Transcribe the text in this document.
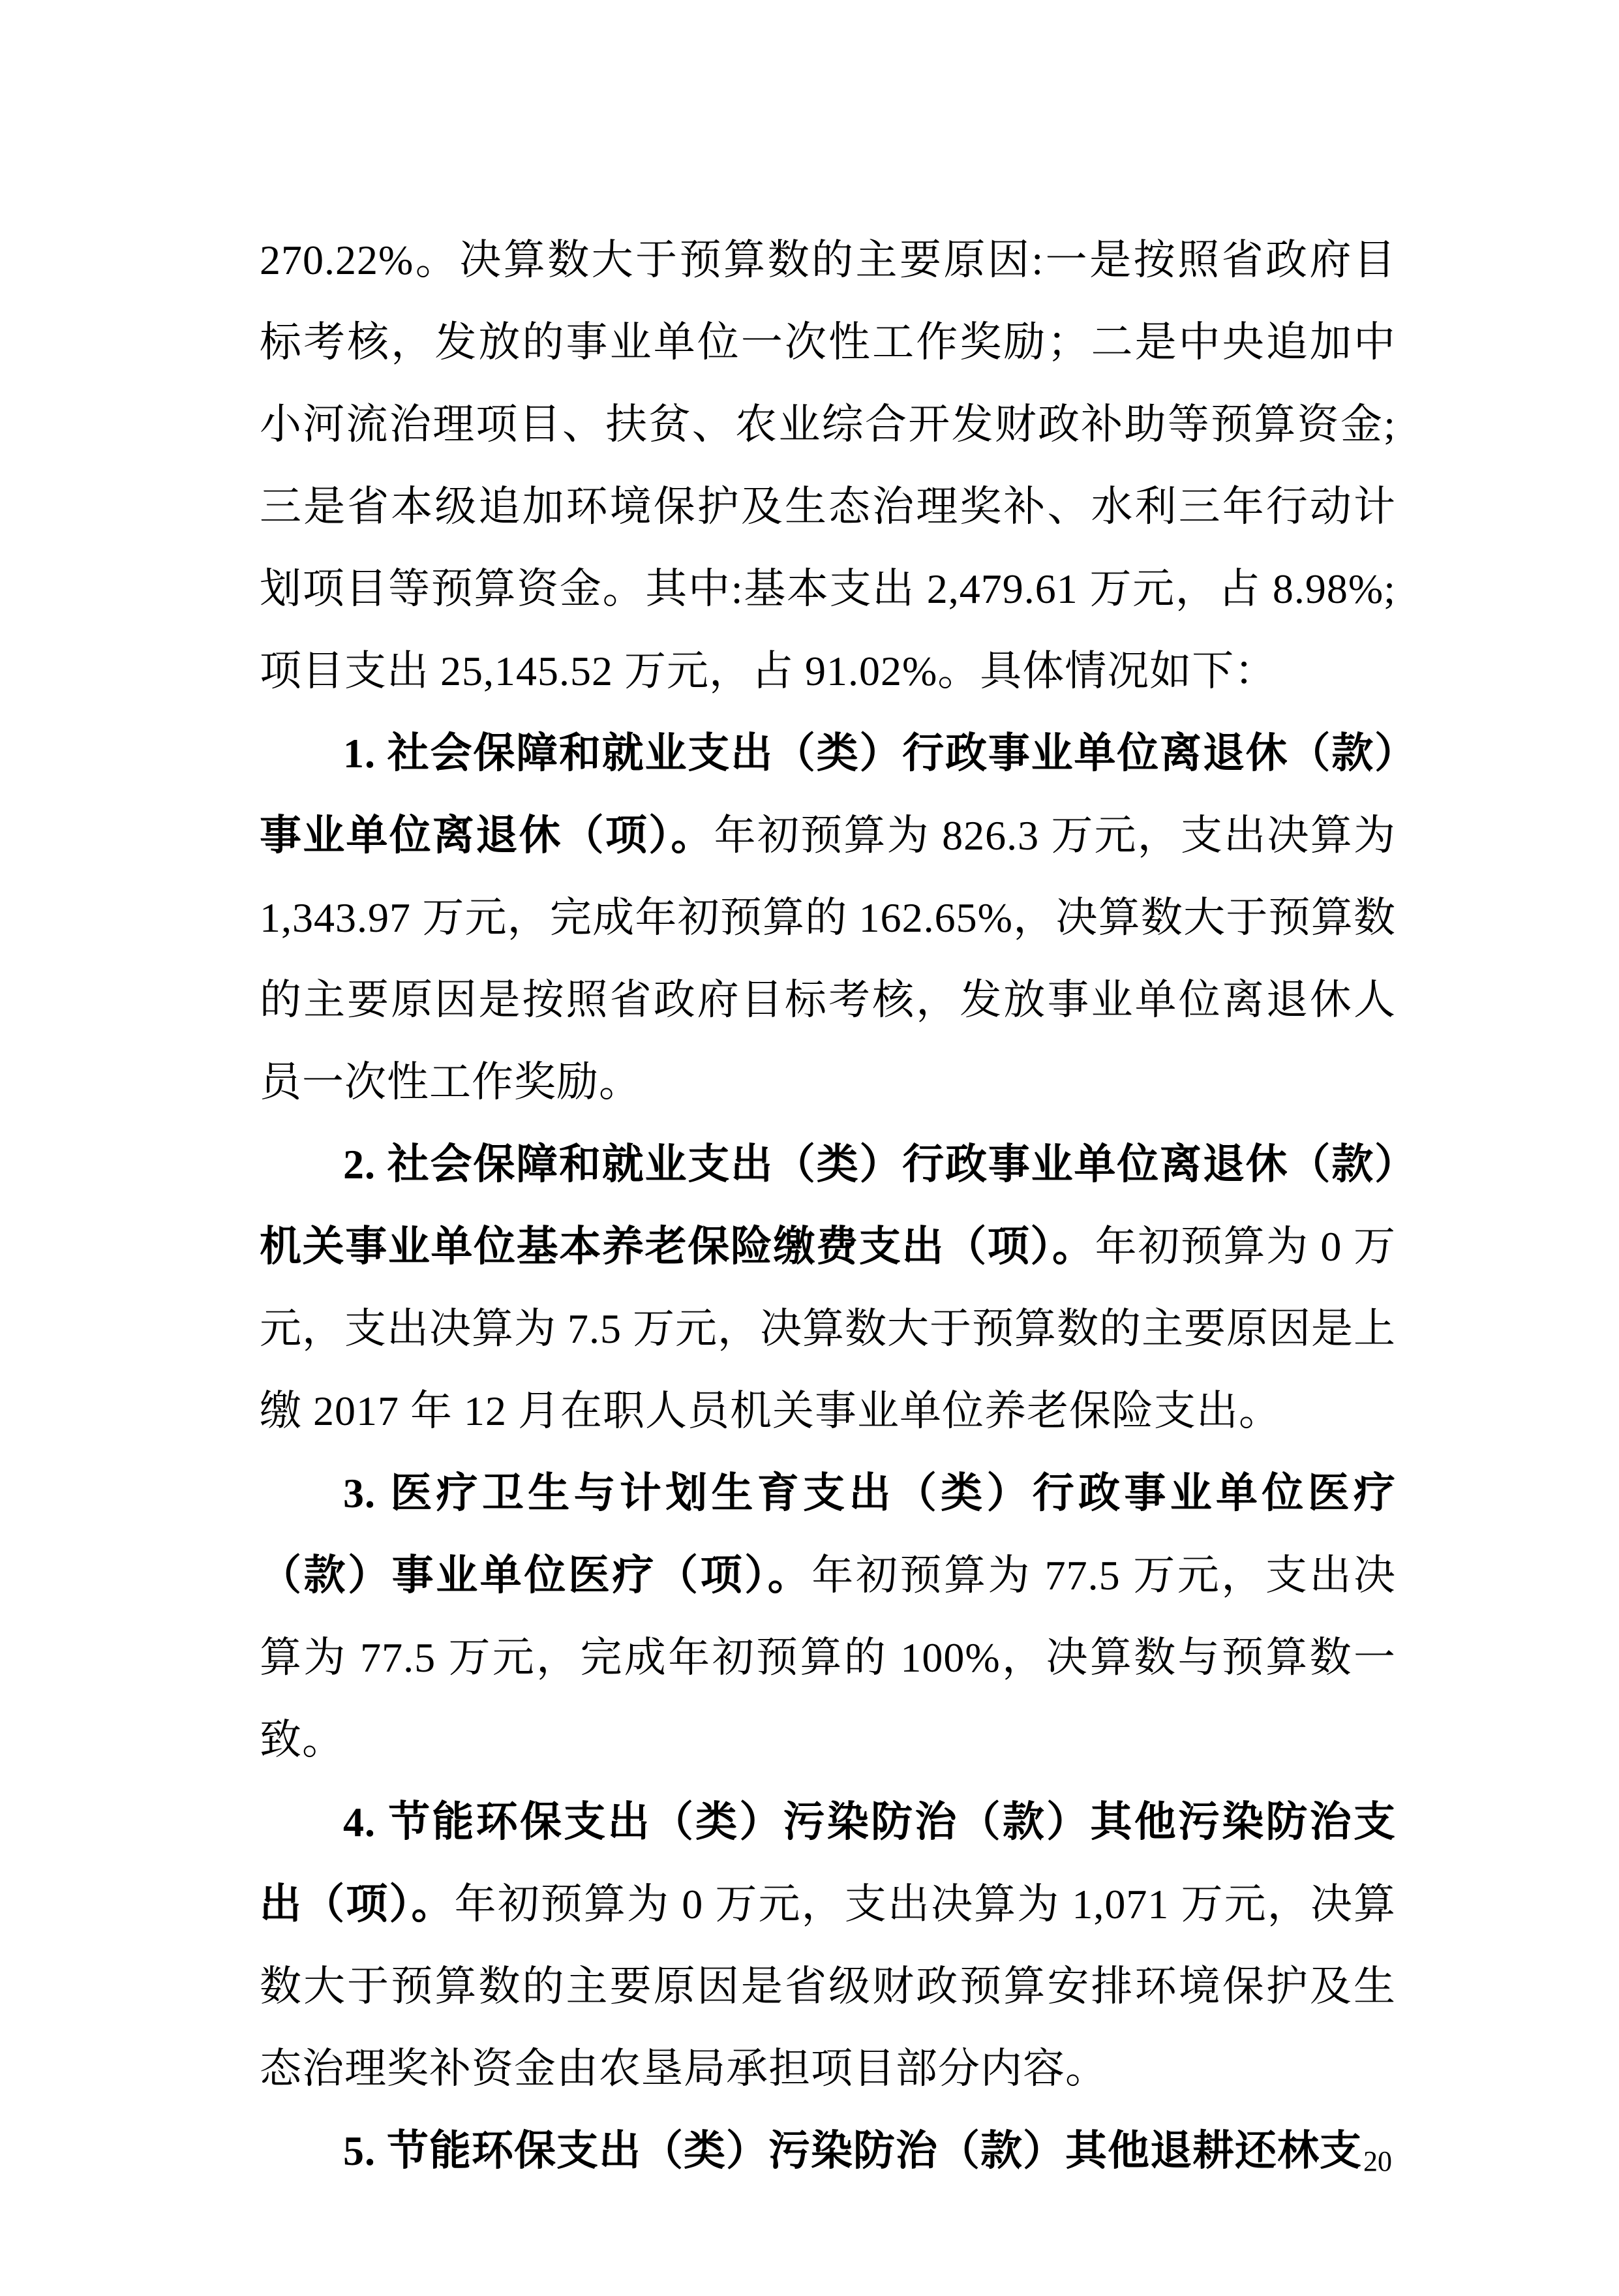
270.22%。决算数大于预算数的主要原因:一是按照省政府目标考核，发放的事业单位一次性工作奖励；二是中央追加中小河流治理项目、扶贫、农业综合开发财政补助等预算资金;三是省本级追加环境保护及生态治理奖补、水利三年行动计划项目等预算资金。其中:基本支出 2,479.61 万元，占 8.98%;项目支出 25,145.52 万元，占 91.02%。具体情况如下：

1. 社会保障和就业支出（类）行政事业单位离退休（款）事业单位离退休（项）。年初预算为 826.3 万元，支出决算为 1,343.97 万元，完成年初预算的 162.65%，决算数大于预算数的主要原因是按照省政府目标考核，发放事业单位离退休人员一次性工作奖励。

2. 社会保障和就业支出（类）行政事业单位离退休（款）机关事业单位基本养老保险缴费支出（项）。年初预算为 0 万元，支出决算为 7.5 万元，决算数大于预算数的主要原因是上缴 2017 年 12 月在职人员机关事业单位养老保险支出。

3. 医疗卫生与计划生育支出（类）行政事业单位医疗（款）事业单位医疗（项）。年初预算为 77.5 万元，支出决算为 77.5 万元，完成年初预算的 100%，决算数与预算数一致。

4. 节能环保支出（类）污染防治（款）其他污染防治支出（项）。年初预算为 0 万元，支出决算为 1,071 万元，决算数大于预算数的主要原因是省级财政预算安排环境保护及生态治理奖补资金由农垦局承担项目部分内容。

5. 节能环保支出（类）污染防治（款）其他退耕还林支 20
